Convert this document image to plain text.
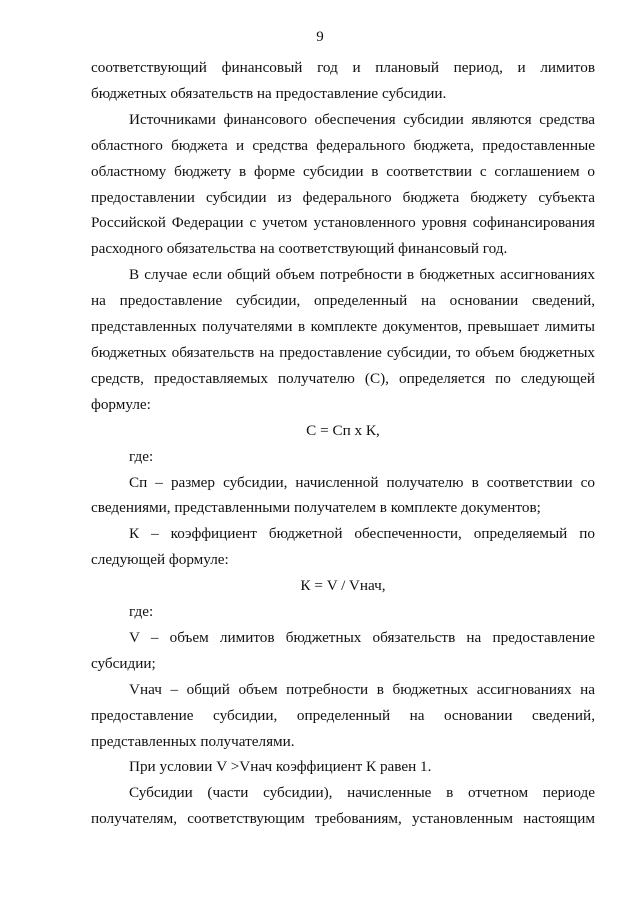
9
соответствующий финансовый год и плановый период, и лимитов
бюджетных обязательств на предоставление субсидии.
Источниками финансового обеспечения субсидии являются средства
областного бюджета и средства федерального бюджета, предоставленные
областному бюджету в форме субсидии в соответствии с соглашением о
предоставлении субсидии из федерального бюджета бюджету субъекта
Российской Федерации с учетом установленного уровня софинансирования
расходного обязательства на соответствующий финансовый год.
В случае если общий объем потребности в бюджетных ассигнованиях
на предоставление субсидии, определенный на основании сведений,
представленных получателями в комплекте документов, превышает лимиты
бюджетных обязательств на предоставление субсидии, то объем бюджетных
средств, предоставляемых получателю (С), определяется по следующей
формуле:
С = Сп х К,
где:
Сп – размер субсидии, начисленной получателю в соответствии со
сведениями, представленными получателем в комплекте документов;
К – коэффициент бюджетной обеспеченности, определяемый по
следующей формуле:
К = V / Vнач,
где:
V – объем лимитов бюджетных обязательств на предоставление
субсидии;
Vнач – общий объем потребности в бюджетных ассигнованиях на
предоставление субсидии, определенный на основании сведений,
представленных получателями.
При условии V >Vнач коэффициент К равен 1.
Субсидии (части субсидии), начисленные в отчетном периоде
получателям, соответствующим требованиям, установленным настоящим
